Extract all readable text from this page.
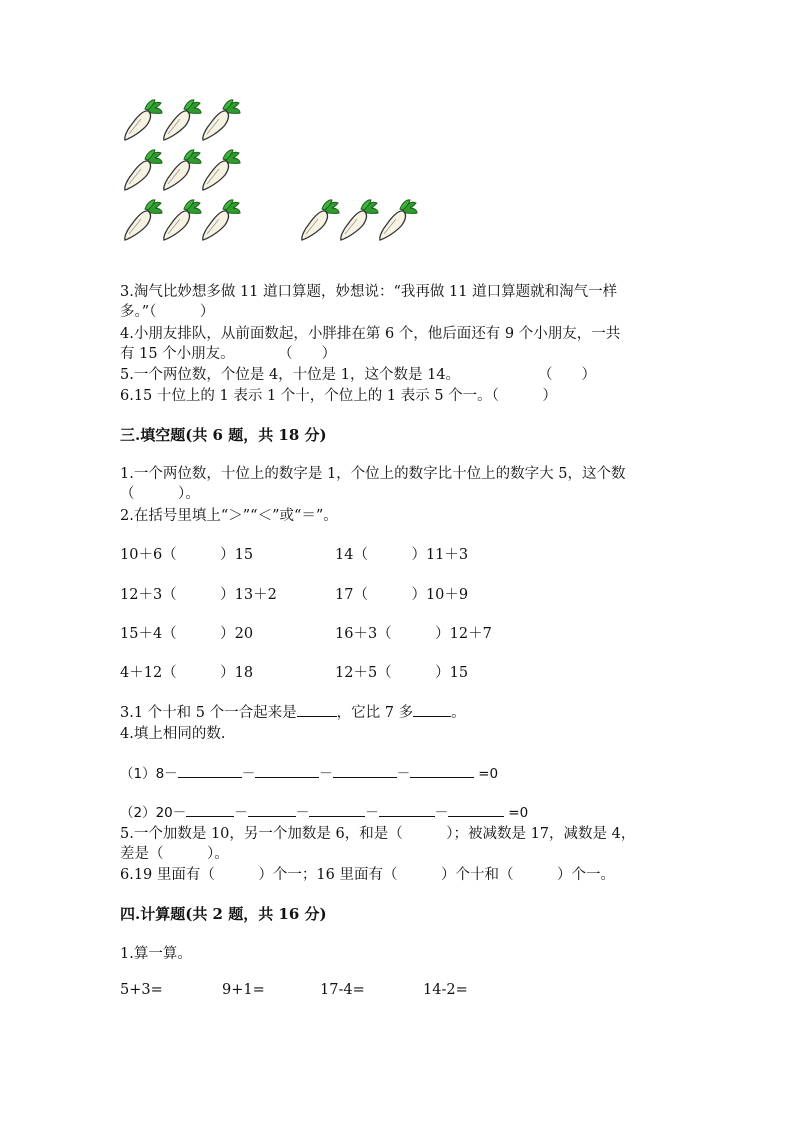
3.淘气比妙想多做 11 道口算题，妙想说：“我再做 11 道口算题就和淘气一样
多。”（　　　）
4.小朋友排队，从前面数起，小胖排在第 6 个，他后面还有 9 个小朋友，一共
有 15 个小朋友。　　　　（　　）
5.一个两位数，个位是 4，十位是 1，这个数是 14。	（　　）
6.15 十位上的 1 表示 1 个十，个位上的 1 表示 5 个一。（　　　）
三.填空题(共 6 题，共 18 分)
1.一个两位数，十位上的数字是 1，个位上的数字比十位上的数字大 5，这个数
（　　　）。
2.在括号里填上“＞”“＜”或“＝”。
10＋6（　　　）15	14（　　　）11＋3
12＋3（　　　）13＋2	17（　　　）10＋9
15＋4（　　　）20	16＋3（　　　）12＋7
4＋12（　　　）18	12＋5（　　　）15
3.1 个十和 5 个一合起来是	，它比 7 多	。
4.填上相同的数.
（1）8－	－	－	－	=0
（2）20－	－	－	－	－	=0
5.一个加数是 10，另一个加数是 6，和是（　　　）；被减数是 17，减数是 4，
差是（　　　）。
6.19 里面有（　　　）个一；16 里面有（　　　）个十和（　　　）个一。
四.计算题(共 2 题，共 16 分)
1.算一算。
5+3=	9+1=	17-4=	14-2=
